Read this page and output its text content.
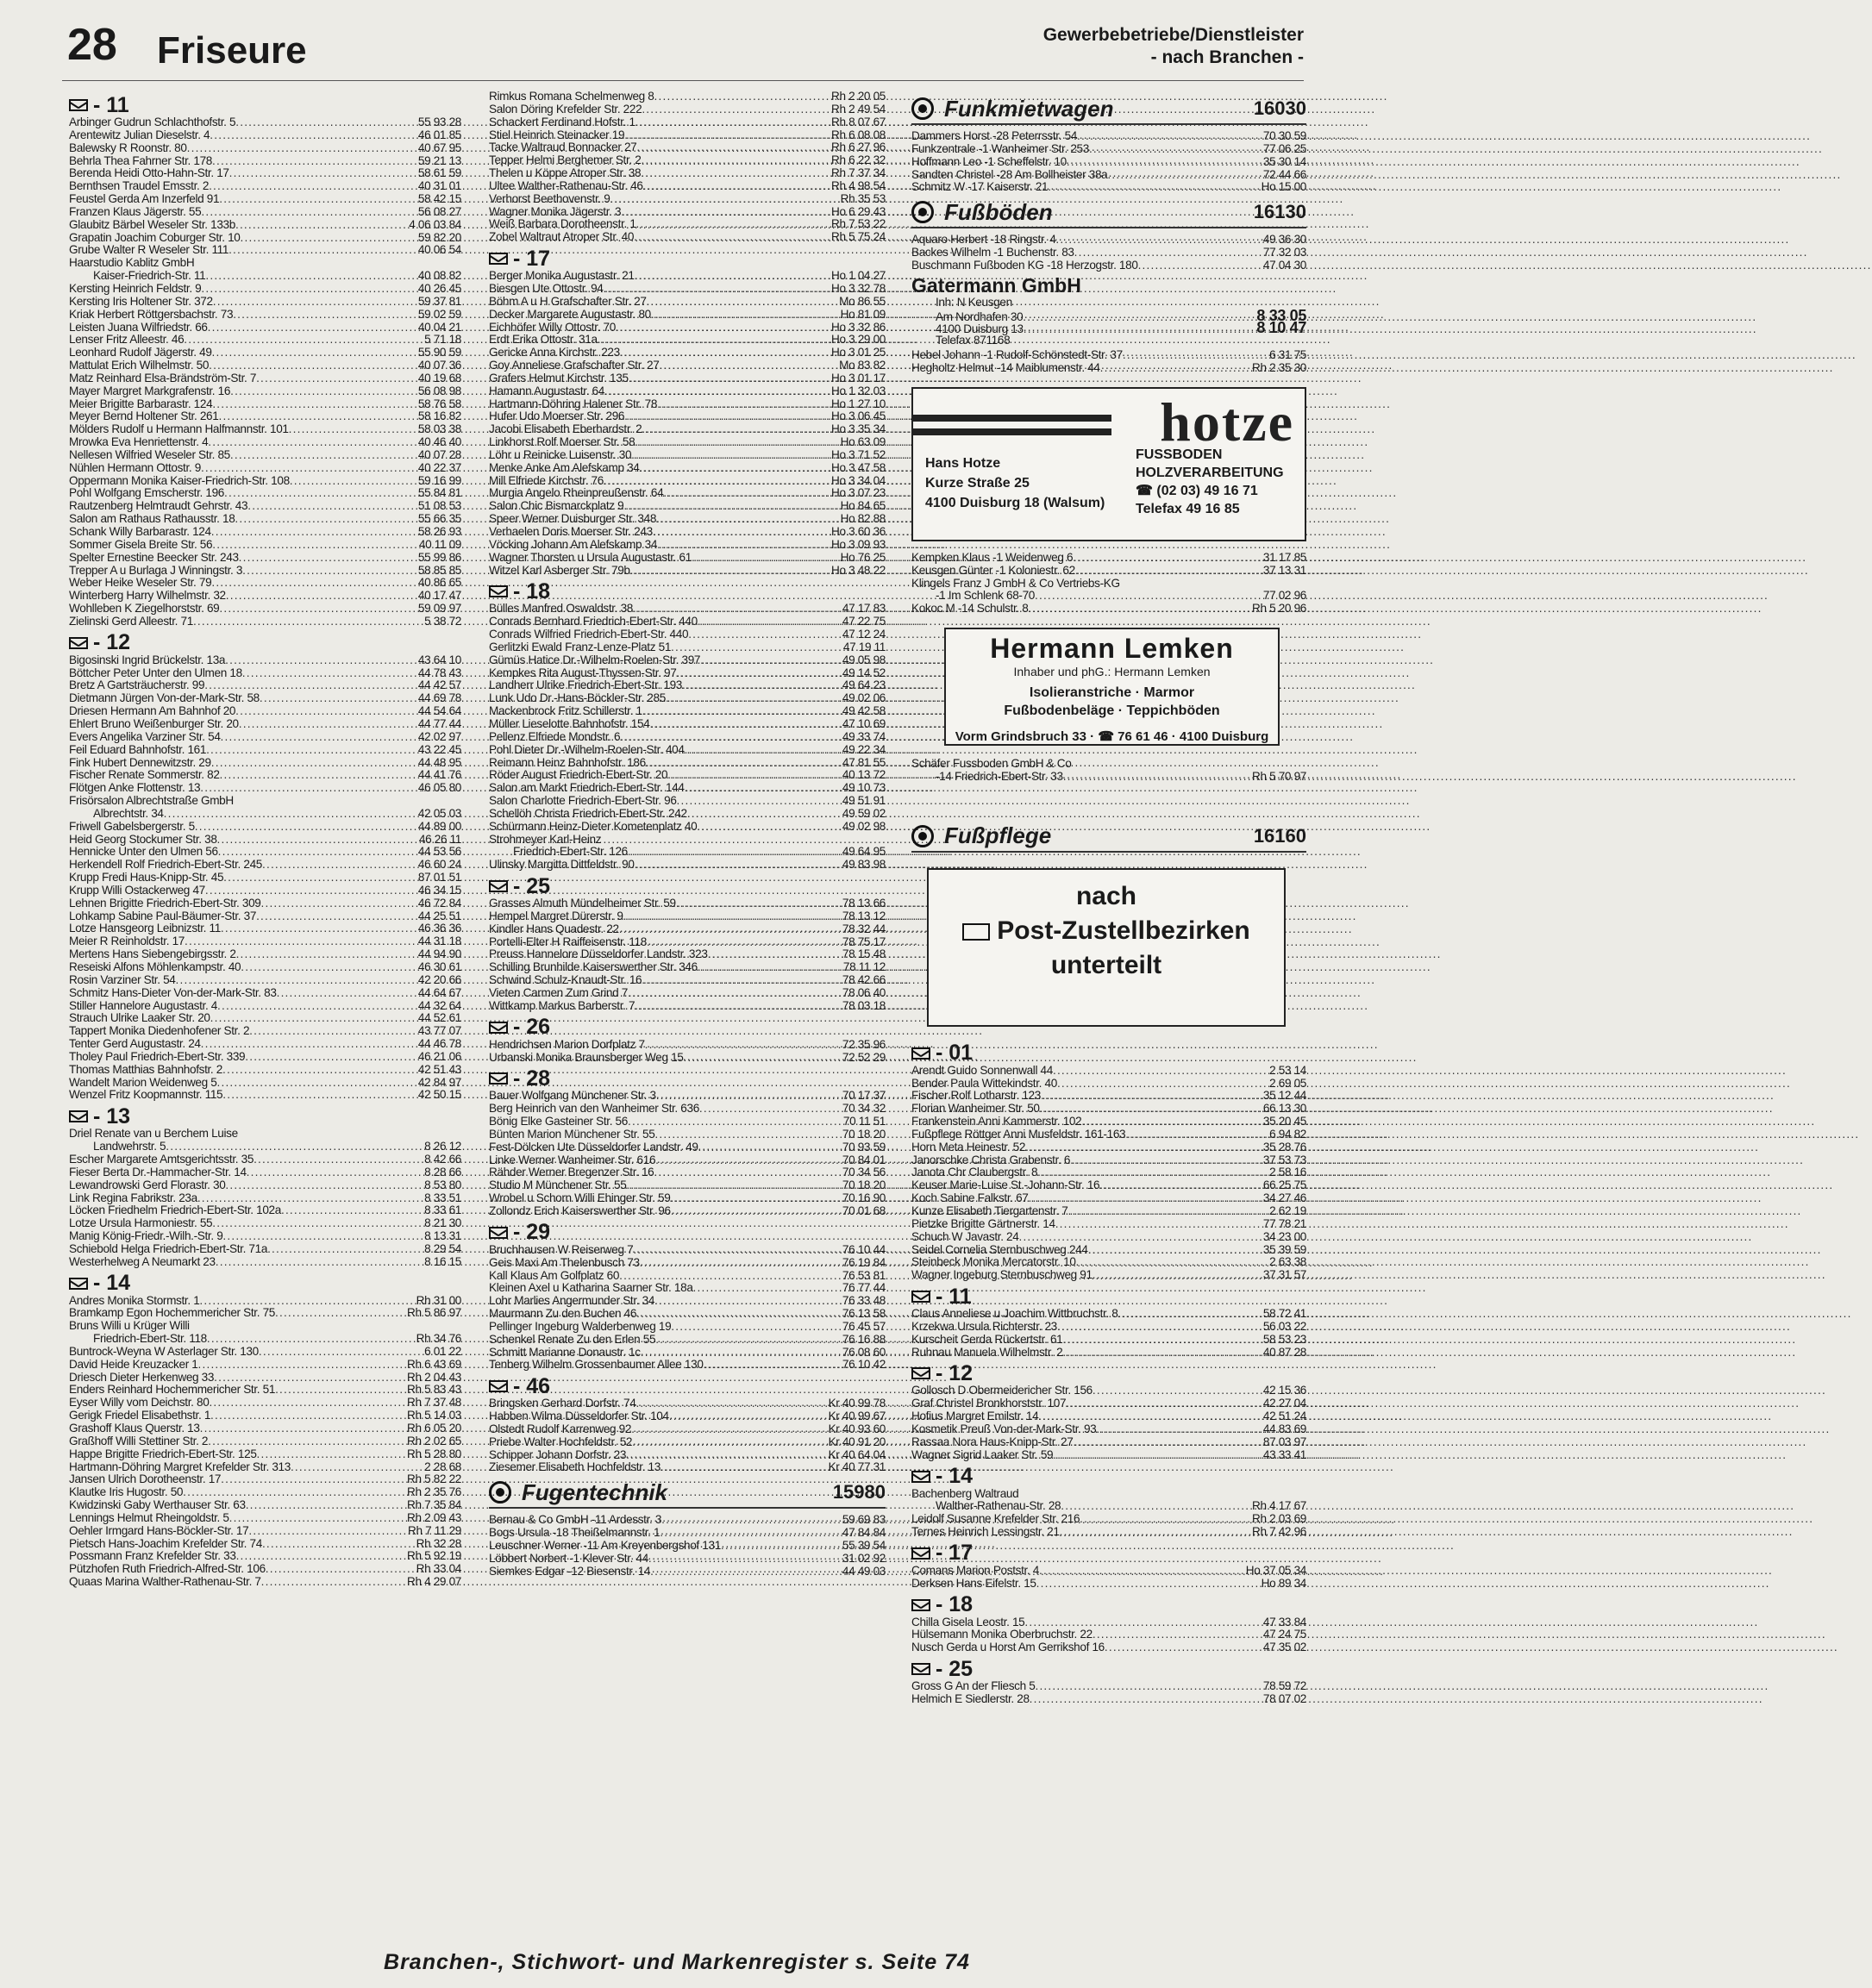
28 Friseure	Gewerbebetriebe/Dienstleister
- nach Branchen -
- 11
Arbinger Gudrun Schlachthofstr. 5 .....	55 93 28
Arentewitz Julian Dieselstr. 4 .....	46 01 85
Balewsky R Roonstr. 80 .....	40 67 95
Behrla Thea Fahrner Str. 178 .....	59 21 13
Berenda Heidi Otto-Hahn-Str. 17 .....	58 61 59
Bernthsen Traudel Emsstr. 2 .....	40 31 01
Feustel Gerda Am Inzerfeld 91 .....	58 42 15
Franzen Klaus Jägerstr. 55 .....	56 08 27
Glaubitz Bärbel Weseler Str. 133b .....	4 06 03 84
Grapatin Joachim Coburger Str. 10 .....	59 82 20
Grube Walter R Weseler Str. 111 .....	40 06 54
Haarstudio Kablitz GmbH
Kaiser-Friedrich-Str. 11 .....	40 08 82
Kersting Heinrich Feldstr. 9 .....	40 26 45
Kersting Iris Holtener Str. 372 .....	59 37 81
Kriak Herbert Röttgersbachstr. 73 .....	59 02 59
Leisten Juana Wilfriedstr. 66 .....	40 04 21
Lenser Fritz Alleestr. 46 .....	5 71 18
Leonhard Rudolf Jägerstr. 49 .....	55 90 59
Mattulat Erich Wilhelmstr. 50 .....	40 07 36
Matz Reinhard Elsa-Brändström-Str. 7 .....	40 19 68
Mayer Margret Markgrafenstr. 16 .....	56 08 98
Meier Brigitte Barbarastr. 124 .....	58 76 58
Meyer Bernd Holtener Str. 261 .....	58 16 82
Mölders Rudolf u Hermann Halfmannstr. 101 .....	58 03 38
Mrowka Eva Henriettenstr. 4 .....	40 46 40
Nellesen Wilfried Weseler Str. 85 .....	40 07 28
Nühlen Hermann Ottostr. 9 .....	40 22 37
Oppermann Monika Kaiser-Friedrich-Str. 108 .....	59 16 99
Pohl Wolfgang Emscherstr. 196 .....	55 84 81
Rautzenberg Helmtraudt Gehrstr. 43 .....	51 08 53
Salon am Rathaus Rathausstr. 18 .....	55 66 35
Schank Willy Barbarastr. 124 .....	58 26 93
Sommer Gisela Breite Str. 56 .....	40 11 09
Spelter Ernestine Beecker Str. 243 .....	55 99 86
Trepper A u Burlaga J Winningstr. 3 .....	58 85 85
Weber Heike Weseler Str. 79 .....	40 86 65
Winterberg Harry Wilhelmstr. 32 .....	40 17 47
Wohlleben K Ziegelhorststr. 69 .....	59 09 97
Zielinski Gerd Alleestr. 71 .....	5 38 72
- 12
Bigosinski Ingrid Brückelstr. 13a .....	43 64 10
Böttcher Peter Unter den Ulmen 18 .....	44 78 43
Bretz A Gartsträucherstr. 99 .....	44 42 57
Dietmann Jürgen Von-der-Mark-Str. 58 .....	44 69 78
Driesen Hermann Am Bahnhof 20 .....	44 54 64
Ehlert Bruno Weißenburger Str. 20 .....	44 77 44
Evers Angelika Varziner Str. 54 .....	42 02 97
Feil Eduard Bahnhofstr. 161 .....	43 22 45
Fink Hubert Dennewitzstr. 29 .....	44 48 95
Fischer Renate Sommerstr. 82 .....	44 41 76
Flötgen Anke Flottenstr. 13 .....	46 05 80
Frisörsalon Albrechtstraße GmbH
Albrechtstr. 34 .....	42 05 03
Friwell Gabelsbergerstr. 5 .....	44 89 00
Heid Georg Stockumer Str. 38 .....	46 26 11
Hennicke Unter den Ulmen 56 .....	44 53 56
Herkendell Rolf Friedrich-Ebert-Str. 245 .....	46 60 24
Krupp Fredi Haus-Knipp-Str. 45 .....	87 01 51
Krupp Willi Ostackerweg 47 .....	46 34 15
Lehnen Brigitte Friedrich-Ebert-Str. 309 .....	46 72 84
Lohkamp Sabine Paul-Bäumer-Str. 37 .....	44 25 51
Lotze Hansgeorg Leibnizstr. 11 .....	46 36 36
Meier R Reinholdstr. 17 .....	44 31 18
Mertens Hans Siebengebirgsstr. 2 .....	44 94 90
Reseiski Alfons Möhlenkampstr. 40 .....	46 30 61
Rosin Varziner Str. 54 .....	42 20 66
Schmitz Hans-Dieter Von-der-Mark-Str. 83 .....	44 64 67
Stiller Hannelore Augustastr. 4 .....	44 32 64
Strauch Ulrike Laaker Str. 20 .....	44 52 61
Tappert Monika Diedenhofener Str. 2 .....	43 77 07
Tenter Gerd Augustastr. 24 .....	44 46 78
Tholey Paul Friedrich-Ebert-Str. 339 .....	46 21 06
Thomas Matthias Bahnhofstr. 2 .....	42 51 43
Wandelt Marion Weidenweg 5 .....	42 84 97
Wenzel Fritz Koopmannstr. 115 .....	42 50 15
- 13
Driel Renate van u Berchem Luise
Landwehrstr. 5 .....	8 26 12
Escher Margarete Amtsgerichtsstr. 35 .....	8 42 66
Fieser Berta Dr.-Hammacher-Str. 14 .....	8 28 66
Lewandrowski Gerd Florastr. 30 .....	8 53 80
Link Regina Fabrikstr. 23a .....	8 33 51
Löcken Friedhelm Friedrich-Ebert-Str. 102a .....	8 33 61
Lotze Ursula Harmoniestr. 55 .....	8 21 30
Manig König-Friedr.-Wilh.-Str. 9 .....	8 13 31
Schiebold Helga Friedrich-Ebert-Str. 71a .....	8 29 54
Westerhelweg A Neumarkt 23 .....	8 16 15
- 14
Andres Monika Stormstr. 1 .....	Rh 31 00
Bramkamp Egon Hochemmericher Str. 75 .....	Rh 5 86 97
Bruns Willi u Krüger Willi
Friedrich-Ebert-Str. 118 .....	Rh 34 76
Buntrock-Weyna W Asterlager Str. 130 .....	6 01 22
David Heide Kreuzacker 1 .....	Rh 6 43 69
Driesch Dieter Herkenweg 33 .....	Rh 2 04 43
Enders Reinhard Hochemmericher Str. 51 .....	Rh 5 83 43
Eyser Willy vom Deichstr. 80 .....	Rh 7 37 48
Gerigk Friedel Elisabethstr. 1 .....	Rh 5 14 03
Grashoff Klaus Querstr. 13 .....	Rh 6 05 20
Graßhoff Willi Stettiner Str. 2 .....	Rh 2 02 65
Happe Brigitte Friedrich-Ebert-Str. 125 .....	Rh 5 28 80
Hartmann-Döhring Margret Krefelder Str. 313 .....	2 28 68
Jansen Ulrich Dorotheenstr. 17 .....	Rh 5 82 22
Klautke Iris Hugostr. 50 .....	Rh 2 35 76
Kwidzinski Gaby Werthauser Str. 63 .....	Rh 7 35 84
Lennings Helmut Rheingoldstr. 5 .....	Rh 2 09 43
Oehler Irmgard Hans-Böckler-Str. 17 .....	Rh 7 11 29
Pietsch Hans-Joachim Krefelder Str. 74 .....	Rh 32 28
Possmann Franz Krefelder Str. 33 .....	Rh 5 92 19
Pützhofen Ruth Friedrich-Alfred-Str. 106 .....	Rh 33 04
Quaas Marina Walther-Rathenau-Str. 7 .....	Rh 4 29 07
Rimkus Romana Schelmenweg 8 .....	Rh 2 20 05
Salon Döring Krefelder Str. 222 .....	Rh 2 49 54
Schackert Ferdinand Hofstr. 1 .....	Rh 8 07 67
Stiel Heinrich Steinacker 19 .....	Rh 6 08 08
Tacke Waltraud Bonnacker 27 .....	Rh 6 27 96
Tepper Helmi Berghemer Str. 2 .....	Rh 6 22 32
Thelen u Köppe Atroper Str. 38 .....	Rh 7 37 34
Ultee Walther-Rathenau-Str. 46 .....	Rh 4 98 54
Verhorst Beethovenstr. 9 .....	Rh 35 53
Wagner Monika Jägerstr. 3 .....	Ho 6 29 43
Weiß Barbara Dorotheenstr. 1 .....	Rh 7 53 22
Zobel Waltraut Atroper Str. 40 .....	Rh 5 75 24
- 17
Berger Monika Augustastr. 21 .....	Ho 1 04 27
Biesgen Ute Ottostr. 94 .....	Ho 3 32 78
Böhm A u H Grafschafter Str. 27 .....	Mo 86 55
Decker Margarete Augustastr. 80 .....	Ho 81 09
Eichhöfer Willy Ottostr. 70 .....	Ho 3 32 86
Erdt Erika Ottostr. 31a .....	Ho 3 29 00
Gericke Anna Kirchstr. 223 .....	Ho 3 01 25
Goy Anneliese Grafschafter Str. 27 .....	Mo 83 82
Grafers Helmut Kirchstr. 135 .....	Ho 3 01 17
Hamann Augustastr. 64 .....	Ho 1 32 03
Hartmann-Döhring Halener Str. 78 .....	Ho 1 27 10
Hufer Udo Moerser Str. 296 .....	Ho 3 06 45
Jacobi Elisabeth Eberhardstr. 2 .....	Ho 3 35 34
Linkhorst Rolf Moerser Str. 58 .....	Ho 63 09
Löhr u Reinicke Luisenstr. 30 .....	Ho 3 71 52
Menke Anke Am Alefskamp 34 .....	Ho 3 47 58
Mill Elfriede Kirchstr. 76 .....	Ho 3 34 04
Murgia Angelo Rheinpreußenstr. 64 .....	Ho 3 07 23
Salon Chic Bismarckplatz 9 .....	Ho 84 65
Speer Werner Duisburger Str. 348 .....	Ho 82 88
Verhaelen Doris Moerser Str. 243 .....	Ho 3 60 36
Vöcking Johann Am Alefskamp 34 .....	Ho 3 09 93
Wagner Thorsten u Ursula Augustastr. 61 .....	Ho 76 25
Witzel Karl Asberger Str. 79b .....	Ho 3 48 22
- 18
Bülles Manfred Oswaldstr. 38 .....	47 17 83
Conrads Bernhard Friedrich-Ebert-Str. 440 .....	47 22 75
Conrads Wilfried Friedrich-Ebert-Str. 440 .....	47 12 24
Gerlitzki Ewald Franz-Lenze-Platz 51 .....	47 19 11
Gümüs Hatice Dr.-Wilhelm-Roelen-Str. 397 .....	49 05 98
Kempkes Rita August-Thyssen-Str. 97 .....	49 14 52
Landherr Ulrike Friedrich-Ebert-Str. 193 .....	49 64 23
Lunk Udo Dr.-Hans-Böckler-Str. 285 .....	49 02 06
Mackenbrock Fritz Schillerstr. 1 .....	49 42 58
Müller Lieselotte Bahnhofstr. 154 .....	47 10 69
Pellenz Elfriede Mondstr. 6 .....	49 33 74
Pohl Dieter Dr.-Wilhelm-Roelen-Str. 404 .....	49 22 34
Reimann Heinz Bahnhofstr. 186 .....	47 81 55
Röder August Friedrich-Ebert-Str. 20 .....	40 13 72
Salon am Markt Friedrich-Ebert-Str. 144 .....	49 10 73
Salon Charlotte Friedrich-Ebert-Str. 96 .....	49 51 91
Schellöh Christa Friedrich-Ebert-Str. 242 .....	49 59 02
Schürmann Heinz-Dieter Kometenplatz 40 .....	49 02 98
Strohmeyer Karl-Heinz
Friedrich-Ebert-Str. 126 .....	49 64 95
Ulinsky Margitta Dittfeldstr. 90 .....	49 83 98
- 25
Grasses Almuth Mündelheimer Str. 59 .....	78 13 66
Hempel Margret Dürerstr. 9 .....	78 13 12
Kindler Hans Quadestr. 22 .....	78 32 44
Portelli-Elter H Raiffeisenstr. 118 .....	78 75 17
Preuss Hannelore Düsseldorfer Landstr. 323 .....	78 15 48
Schilling Brunhilde Kaiserswerther Str. 346 .....	78 11 12
Schwind Schulz-Knaudt-Str. 16 .....	78 42 66
Vieten Carmen Zum Grind 7 .....	78 06 40
Wittkamp Markus Barberstr. 7 .....	78 03 18
- 26
Hendrichsen Marion Dorfplatz 7 .....	72 35 96
Urbanski Monika Braunsberger Weg 15 .....	72 52 29
- 28
Bauer Wolfgang Münchener Str. 3 .....	70 17 37
Berg Heinrich van den Wanheimer Str. 636 .....	70 34 32
Bönig Elke Gasteiner Str. 56 .....	70 11 51
Bünten Marion Münchener Str. 55 .....	70 18 20
Fest-Dölcken Ute Düsseldorfer Landstr. 49 .....	70 93 59
Linke Werner Wanheimer Str. 616 .....	70 84 01
Rähder Werner Bregenzer Str. 16 .....	70 34 56
Studio M Münchener Str. 55 .....	70 18 20
Wrobel u Schorn Willi Ehinger Str. 59 .....	70 16 90
Zollondz Erich Kaiserswerther Str. 96 .....	70 01 68
- 29
Bruchhausen W Reiserweg 7 .....	76 10 44
Geis Maxi Am Thelenbusch 73 .....	76 19 84
Kall Klaus Am Golfplatz 60 .....	76 53 81
Kleinen Axel u Katharina Saarner Str. 18a .....	76 77 44
Lohr Marlies Angermunder Str. 34 .....	76 33 48
Maurmann Zu den Buchen 46 .....	76 13 58
Pellinger Ingeburg Walderbenweg 19 .....	76 45 57
Schenkel Renate Zu den Erlen 55 .....	76 16 88
Schmitt Marianne Donaustr. 1c .....	76 08 60
Tenberg Wilhelm Grossenbaumer Allee 130 .....	76 10 42
- 46
Bringsken Gerhard Dorfstr. 74 .....	Kr 40 99 78
Habben Wilma Düsseldorfer Str. 104 .....	Kr 40 99 67
Olstedt Rudolf Karrenweg 92 .....	Kr 40 93 60
Priebe Walter Hochfeldstr. 52 .....	Kr 40 91 20
Schipper Johann Dorfstr. 23 .....	Kr 40 64 04
Ziesemer Elisabeth Hochfeldstr. 13 .....	Kr 40 77 31
Fugentechnik	15980
Bernau & Co GmbH -11 Ardesstr. 3 .....	59 69 83
Bogs Ursula -18 Theißelmannstr. 1 .....	47 84 84
Leuschner Werner -11 Am Kreyenbergshof 131 .....	55 39 54
Löbbert Norbert -1 Klever Str. 44 .....	31 02 92
Siemkes Edgar -12 Biesenstr. 14 .....	44 49 03
Funkmietwagen	16030
Dammers Horst -28 Peterrsstr. 54 .....	70 30 59
Funkzentrale -1 Wanheimer Str. 253 .....	77 06 25
Hoffmann Leo -1 Scheffelstr. 10 .....	35 30 14
Sandten Christel -28 Am Bollheister 38a .....	72 44 66
Schmitz W -17 Kaiserstr. 21 .....	Ho 15 00
Fußböden	16130
Aquaro Herbert -18 Ringstr. 4 .....	49 36 30
Backes Wilhelm -1 Buchenstr. 83 .....	77 32 03
Buschmann Fußboden KG -18 Herzogstr. 180 .....	47 04 30
Gatermann GmbH
Inh: N Keusgen
Am Nordhafen 30 .....	8 33 05
4100 Duisburg 13 .....	8 10 47
Telefax 871168
Hebel Johann -1 Rudolf-Schönstedt-Str. 37 .....	6 31 75
Hegholtz Helmut -14 Maiblumenstr. 44 .....	Rh 2 35 30
hotze
Hans Hotze
Kurze Straße 25
4100 Duisburg 18 (Walsum)
FUSSBODEN
HOLZVERARBEITUNG
☎ (02 03) 49 16 71
Telefax 49 16 85
Kempken Klaus -1 Weidenweg 6 .....	31 17 85
Keusgen Günter -1 Koloniestr. 62 .....	37 13 31
Klingels Franz J GmbH & Co Vertriebs-KG
-1 Im Schlenk 68-70 .....	77 02 96
Kokoc M -14 Schulstr. 8 .....	Rh 5 20 96
Hermann Lemken
Inhaber und phG.: Hermann Lemken
Isolieranstriche · Marmor
Fußbodenbeläge · Teppichböden
Vorm Grindsbruch 33 · ☎ 76 61 46 · 4100 Duisburg
Schäfer Fussboden GmbH & Co
-14 Friedrich-Ebert-Str. 33 .....	Rh 5 70 97
Fußpflege	16160
nach
Post-Zustellbezirken
unterteilt
- 01
Arendt Guido Sonnenwall 44 .....	2 53 14
Bender Paula Wittekindstr. 40 .....	2 69 05
Fischer Rolf Lotharstr. 123 .....	35 12 44
Florian Wanheimer Str. 50 .....	66 13 30
Frankenstein Anni Kammerstr. 102 .....	35 20 45
Fußpflege Röttger Anni Musfeldstr. 161-163 .....	6 94 82
Horn Meta Heinestr. 52 .....	35 28 76
Janorschke Christa Grabenstr. 6 .....	37 53 73
Janota Chr Claubergstr. 8 .....	2 58 16
Keuser Marie-Luise St.-Johann-Str. 16 .....	66 25 75
Koch Sabine Falkstr. 67 .....	34 27 46
Kunze Elisabeth Tiergartenstr. 7 .....	2 62 19
Pietzke Brigitte Gärtnerstr. 14 .....	77 78 21
Schuch W Javastr. 24 .....	34 23 00
Seidel Cornelia Sternbuschweg 244 .....	35 39 59
Steinbeck Monika Mercatorstr. 10 .....	2 63 38
Wagner Ingeburg Sternbuschweg 91 .....	37 31 57
- 11
Claus Anneliese u Joachim Wittbruchstr. 8 .....	58 72 41
Krzekwa Ursula Richterstr. 23 .....	56 03 22
Kurscheit Gerda Rückertstr. 61 .....	58 53 23
Ruhnau Manuela Wilhelmstr. 2 .....	40 87 28
- 12
Gollosch D Obermeidericher Str. 156 .....	42 15 36
Graf Christel Bronkhorststr. 107 .....	42 27 04
Hofius Margret Emilstr. 14 .....	42 51 24
Kosmetik Preuß Von-der-Mark-Str. 93 .....	44 83 69
Rassaa Nora Haus-Knipp-Str. 27 .....	87 03 97
Wagner Sigrid Laaker Str. 59 .....	43 33 41
- 14
Bachenberg Waltraud
Walther-Rathenau-Str. 28 .....	Rh 4 17 67
Leidolf Susanne Krefelder Str. 216 .....	Rh 2 03 69
Ternes Heinrich Lessingstr. 21 .....	Rh 7 42 96
- 17
Comans Marion Poststr. 4 .....	Ho 37 05 34
Derksen Hans Eifelstr. 15 .....	Ho 89 34
- 18
Chilla Gisela Leostr. 15 .....	47 33 84
Hülsemann Monika Oberbruchstr. 22 .....	47 24 75
Nusch Gerda u Horst Am Gerrikshof 16 .....	47 35 02
- 25
Gross G An der Fliesch 5 .....	78 59 72
Helmich E Siedlerstr. 28 .....	78 07 02
Branchen-, Stichwort- und Markenregister s. Seite 74
